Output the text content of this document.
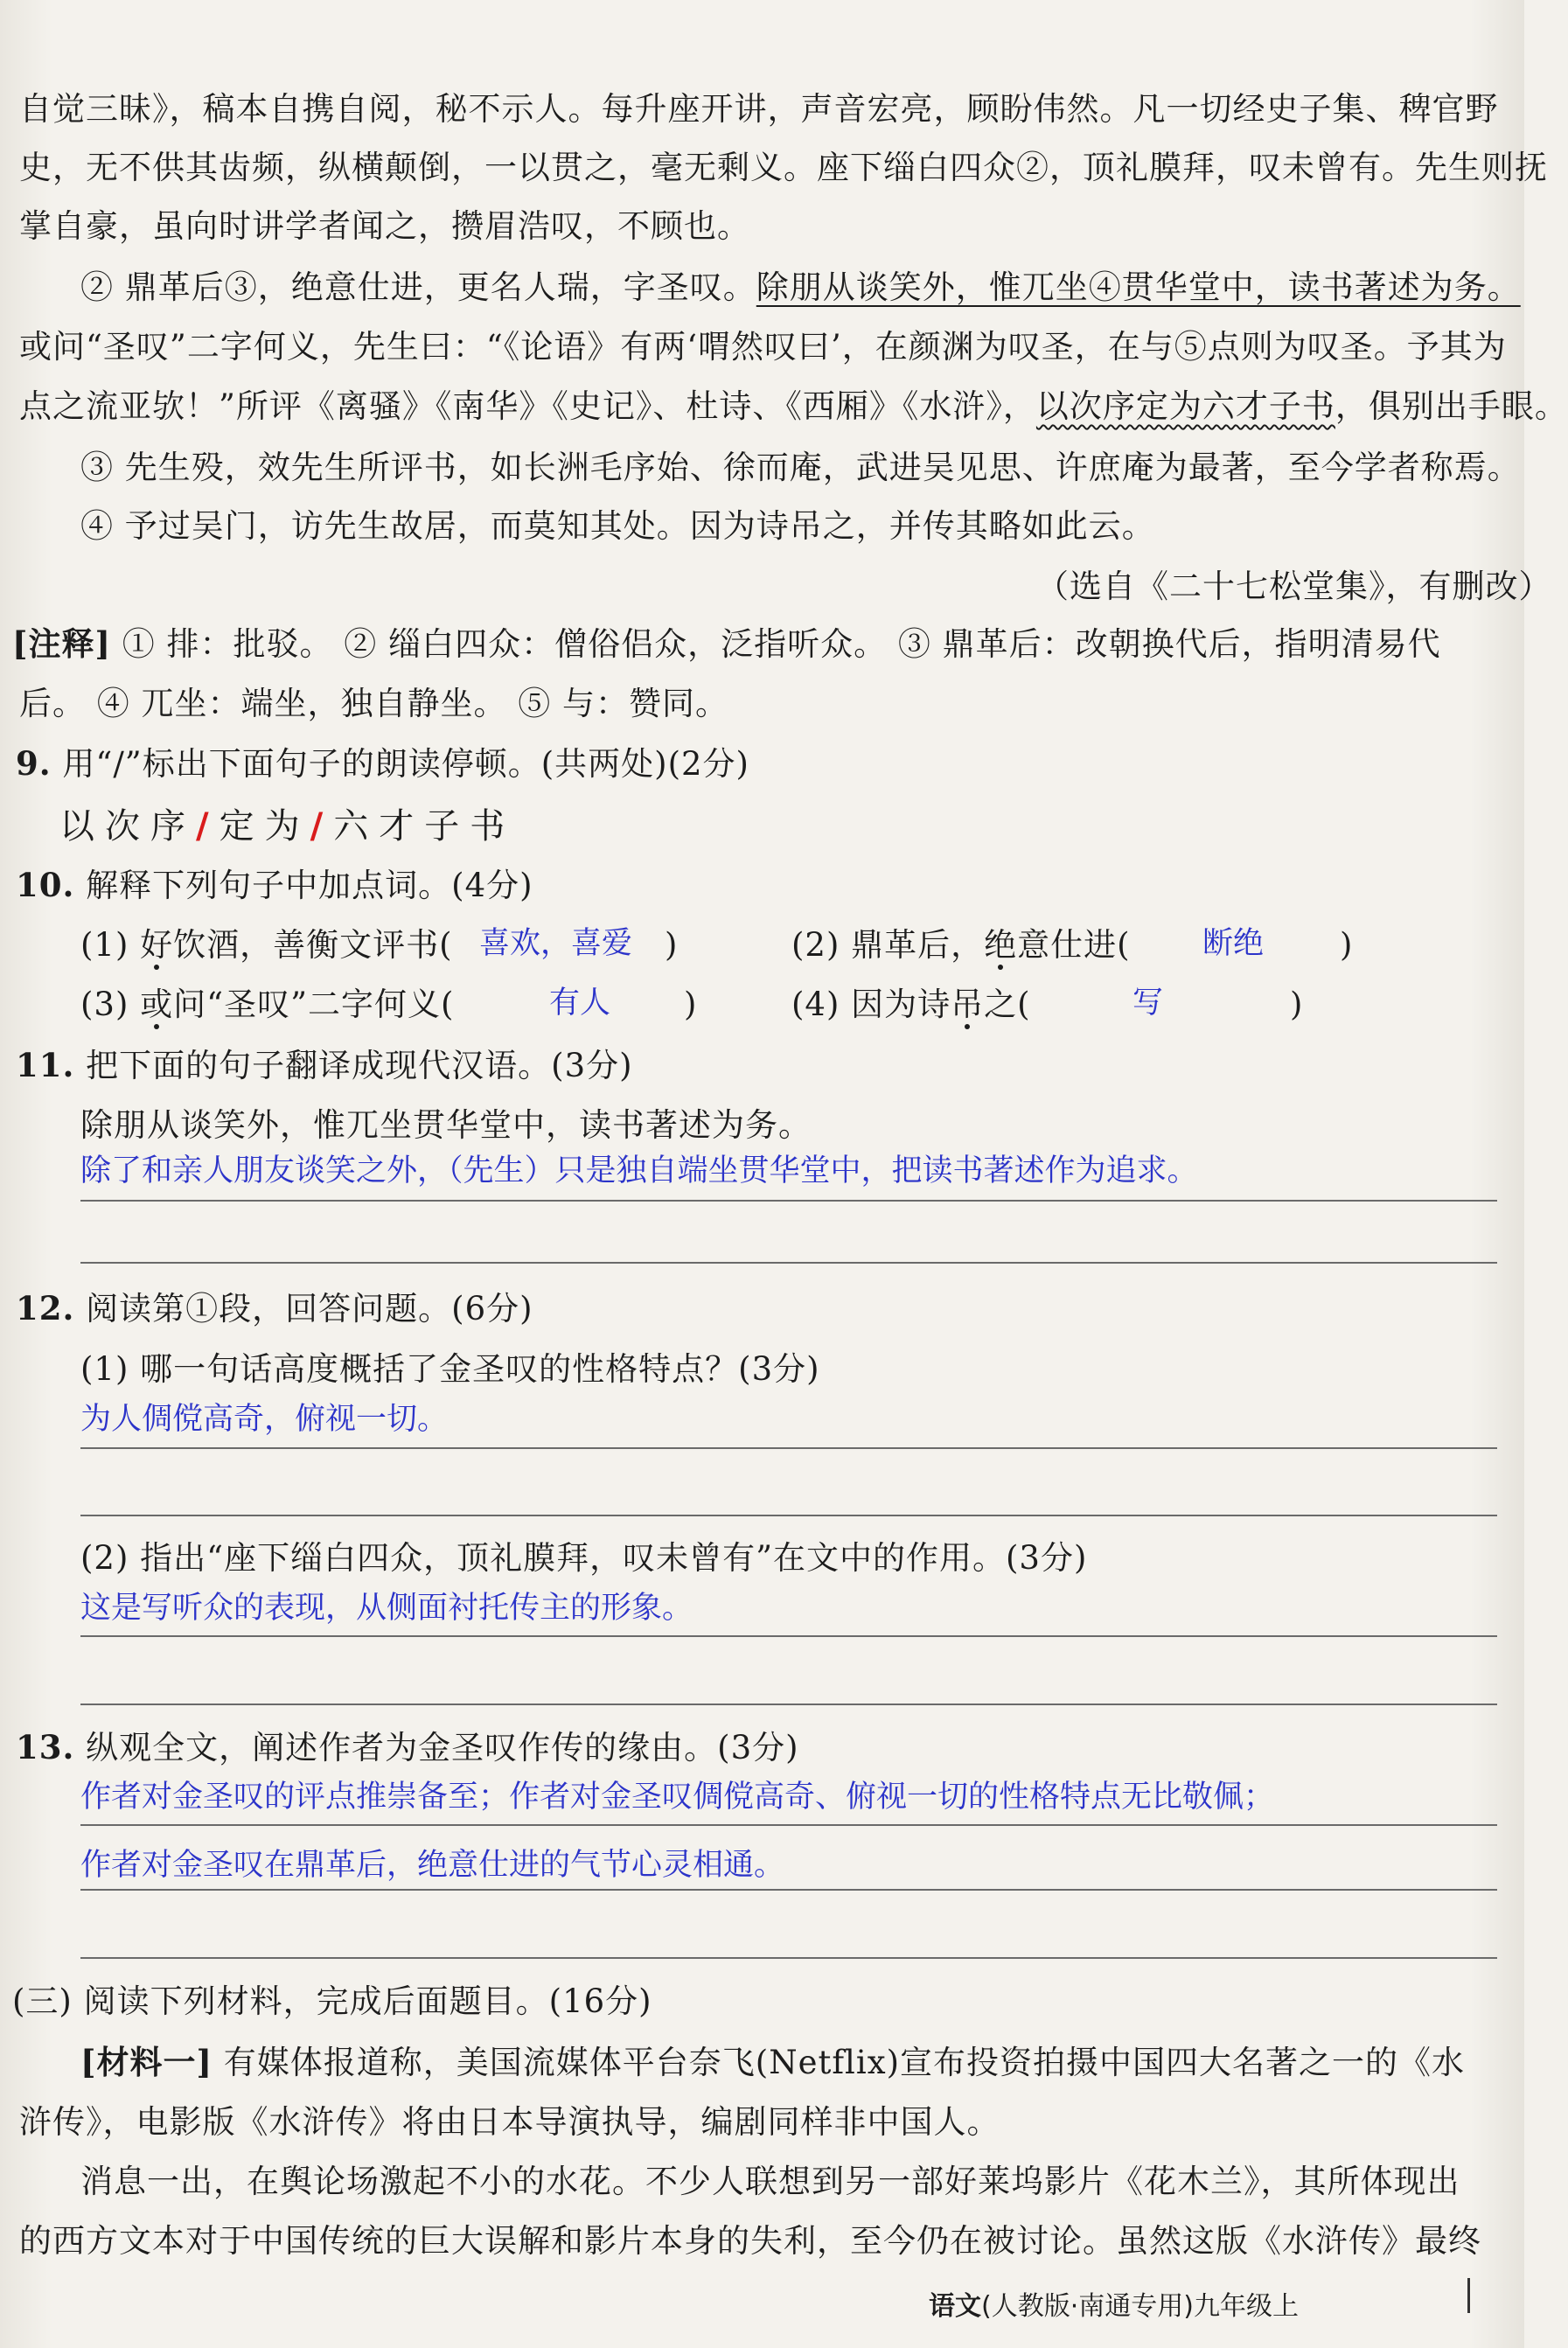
自觉三昧》，稿本自携自阅，秘不示人。每升座开讲，声音宏亮，顾盼伟然。凡一切经史子集、稗官野
史，无不供其齿频，纵横颠倒，一以贯之，毫无剩义。座下缁白四众②，顶礼膜拜，叹未曾有。先生则抚
掌自豪，虽向时讲学者闻之，攒眉浩叹，不顾也。
② 鼎革后③，绝意仕进，更名人瑞，字圣叹。除朋从谈笑外，惟兀坐④贯华堂中，读书著述为务。
或问“圣叹”二字何义，先生曰：“《论语》有两‘喟然叹曰’，在颜渊为叹圣，在与⑤点则为叹圣。予其为
点之流亚欤！”所评《离骚》《南华》《史记》、杜诗、《西厢》《水浒》，以次序定为六才子书，俱别出手眼。
③ 先生殁，效先生所评书，如长洲毛序始、徐而庵，武进吴见思、许庶庵为最著，至今学者称焉。
④ 予过吴门，访先生故居，而莫知其处。因为诗吊之，并传其略如此云。
（选自《二十七松堂集》，有删改）
[注释] ① 排：批驳。 ② 缁白四众：僧俗侣众，泛指听众。 ③ 鼎革后：改朝换代后，指明清易代
后。 ④ 兀坐：端坐，独自静坐。 ⑤ 与：赞同。
9. 用“/”标出下面句子的朗读停顿。(共两处)(2分)
以次序/定为/六才子书
10. 解释下列句子中加点词。(4分)
(1) 好饮酒，善衡文评书( 喜欢，喜爱 )	(2) 鼎革后，绝意仕进( 断绝 )
(3) 或问“圣叹”二字何义(	有人 )	(4) 因为诗吊之(	写	)
11. 把下面的句子翻译成现代汉语。(3分)
除朋从谈笑外，惟兀坐贯华堂中，读书著述为务。
除了和亲人朋友谈笑之外，（先生）只是独自端坐贯华堂中，把读书著述作为追求。
12. 阅读第①段，回答问题。(6分)
(1) 哪一句话高度概括了金圣叹的性格特点？(3分)
为人倜傥高奇，俯视一切。
(2) 指出“座下缁白四众，顶礼膜拜，叹未曾有”在文中的作用。(3分)
这是写听众的表现，从侧面衬托传主的形象。
13. 纵观全文，阐述作者为金圣叹作传的缘由。(3分)
作者对金圣叹的评点推崇备至；作者对金圣叹倜傥高奇、俯视一切的性格特点无比敬佩；
作者对金圣叹在鼎革后，绝意仕进的气节心灵相通。
(三) 阅读下列材料，完成后面题目。(16分)
[材料一] 有媒体报道称，美国流媒体平台奈飞(Netflix)宣布投资拍摄中国四大名著之一的《水
浒传》，电影版《水浒传》将由日本导演执导，编剧同样非中国人。
消息一出，在舆论场激起不小的水花。不少人联想到另一部好莱坞影片《花木兰》，其所体现出
的西方文本对于中国传统的巨大误解和影片本身的失利，至今仍在被讨论。虽然这版《水浒传》最终
语文(人教版·南通专用)九年级上
